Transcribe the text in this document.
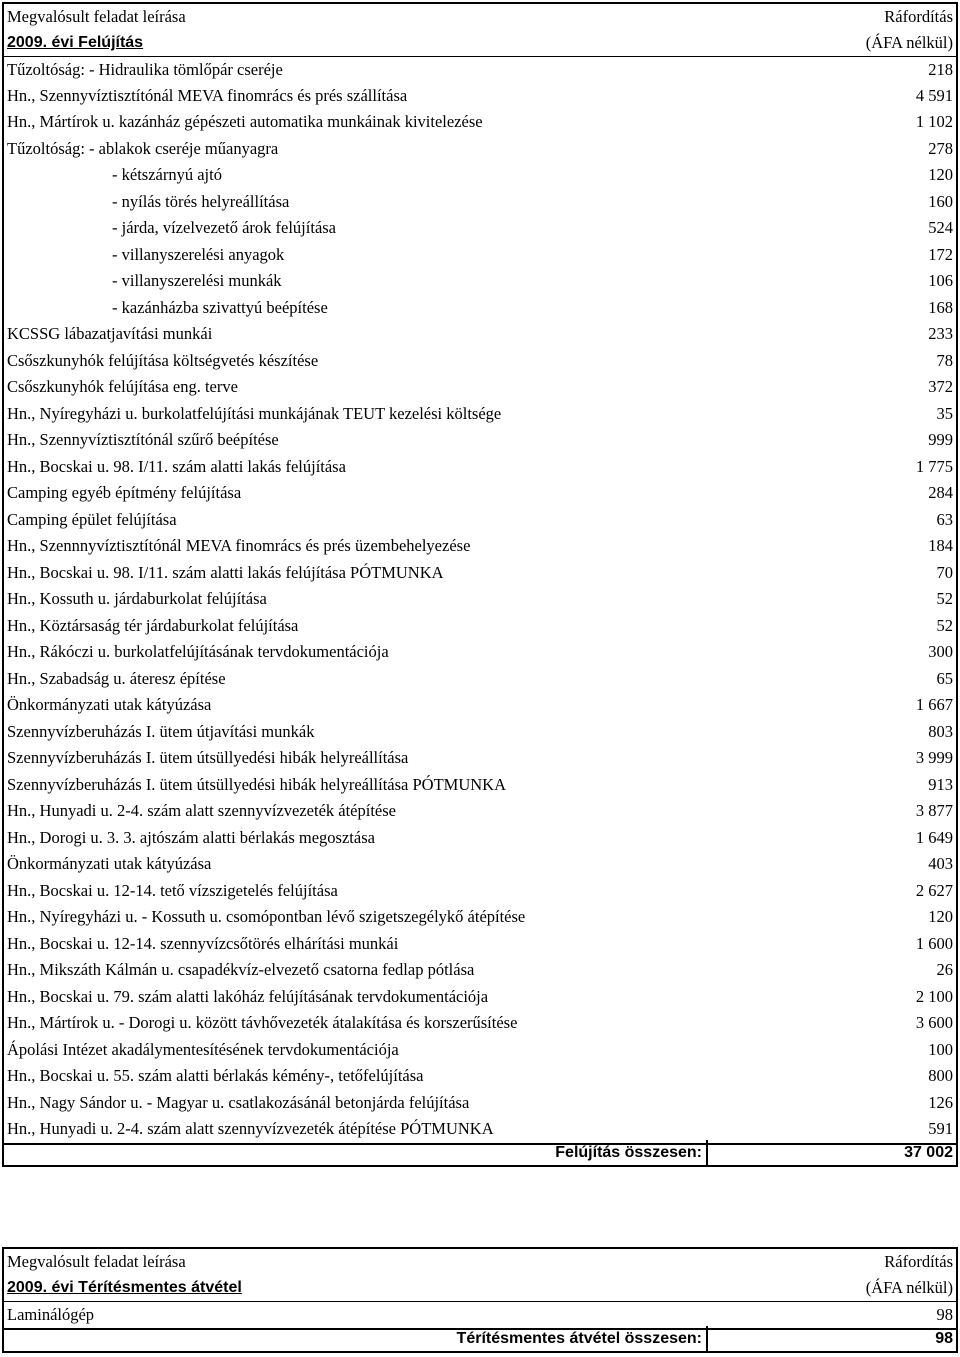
Megvalósult feladat leírása	Ráfordítás
2009. évi Felújítás	(ÁFA nélkül)
Tűzoltóság: - Hidraulika tömlőpár cseréje	218
Hn., Szennyvíztisztítónál MEVA finomrács és prés szállítása	4 591
Hn., Mártírok u. kazánház gépészeti automatika munkáinak kivitelezése	1 102
Tűzoltóság: - ablakok cseréje műanyagra	278
- kétszárnyú ajtó	120
- nyílás törés helyreállítása	160
- járda, vízelvezető árok felújítása	524
- villanyszerelési anyagok	172
- villanyszerelési munkák	106
- kazánházba szivattyú beépítése	168
KCSSG lábazatjavítási munkái	233
Csőszkunyhók felújítása költségvetés készítése	78
Csőszkunyhók felújítása eng. terve	372
Hn., Nyíregyházi u. burkolatfelújítási munkájának TEUT kezelési költsége	35
Hn., Szennyvíztisztítónál szűrő beépítése	999
Hn., Bocskai u. 98. I/11. szám alatti lakás felújítása	1 775
Camping egyéb építmény felújítása	284
Camping épület felújítása	63
Hn., Szennnyvíztisztítónál MEVA finomrács és prés üzembehelyezése	184
Hn., Bocskai u. 98. I/11. szám alatti lakás felújítása PÓTMUNKA	70
Hn., Kossuth u. járdaburkolat felújítása	52
Hn., Köztársaság tér járdaburkolat felújítása	52
Hn., Rákóczi u. burkolatfelújításának tervdokumentációja	300
Hn., Szabadság u. áteresz építése	65
Önkormányzati utak kátyúzása	1 667
Szennyvízberuházás I. ütem útjavítási munkák	803
Szennyvízberuházás I. ütem útsüllyedési hibák helyreállítása	3 999
Szennyvízberuházás I. ütem útsüllyedési hibák helyreállítása PÓTMUNKA	913
Hn., Hunyadi u. 2-4. szám alatt szennyvízvezeték átépítése	3 877
Hn., Dorogi u. 3. 3. ajtószám alatti bérlakás megosztása	1 649
Önkormányzati utak kátyúzása	403
Hn., Bocskai u. 12-14. tető vízszigetelés felújítása	2 627
Hn., Nyíregyházi u. - Kossuth u. csomópontban lévő szigetszegélykő átépítése	120
Hn., Bocskai u. 12-14. szennyvízcsőtörés elhárítási munkái	1 600
Hn., Mikszáth Kálmán u. csapadékvíz-elvezető csatorna fedlap pótlása	26
Hn., Bocskai u. 79. szám alatti lakóház felújításának tervdokumentációja	2 100
Hn., Mártírok u. - Dorogi u. között távhővezeték átalakítása és korszerűsítése	3 600
Ápolási Intézet akadálymentesítésének tervdokumentációja	100
Hn., Bocskai u. 55. szám alatti bérlakás kémény-, tetőfelújítása	800
Hn., Nagy Sándor u. - Magyar u. csatlakozásánál betonjárda felújítása	126
Hn., Hunyadi u. 2-4. szám alatt szennyvízvezeték átépítése PÓTMUNKA	591
Felújítás összesen:	37 002
Megvalósult feladat leírása	Ráfordítás
2009. évi Térítésmentes átvétel	(ÁFA nélkül)
Laminálógép	98
Térítésmentes átvétel összesen:	98
